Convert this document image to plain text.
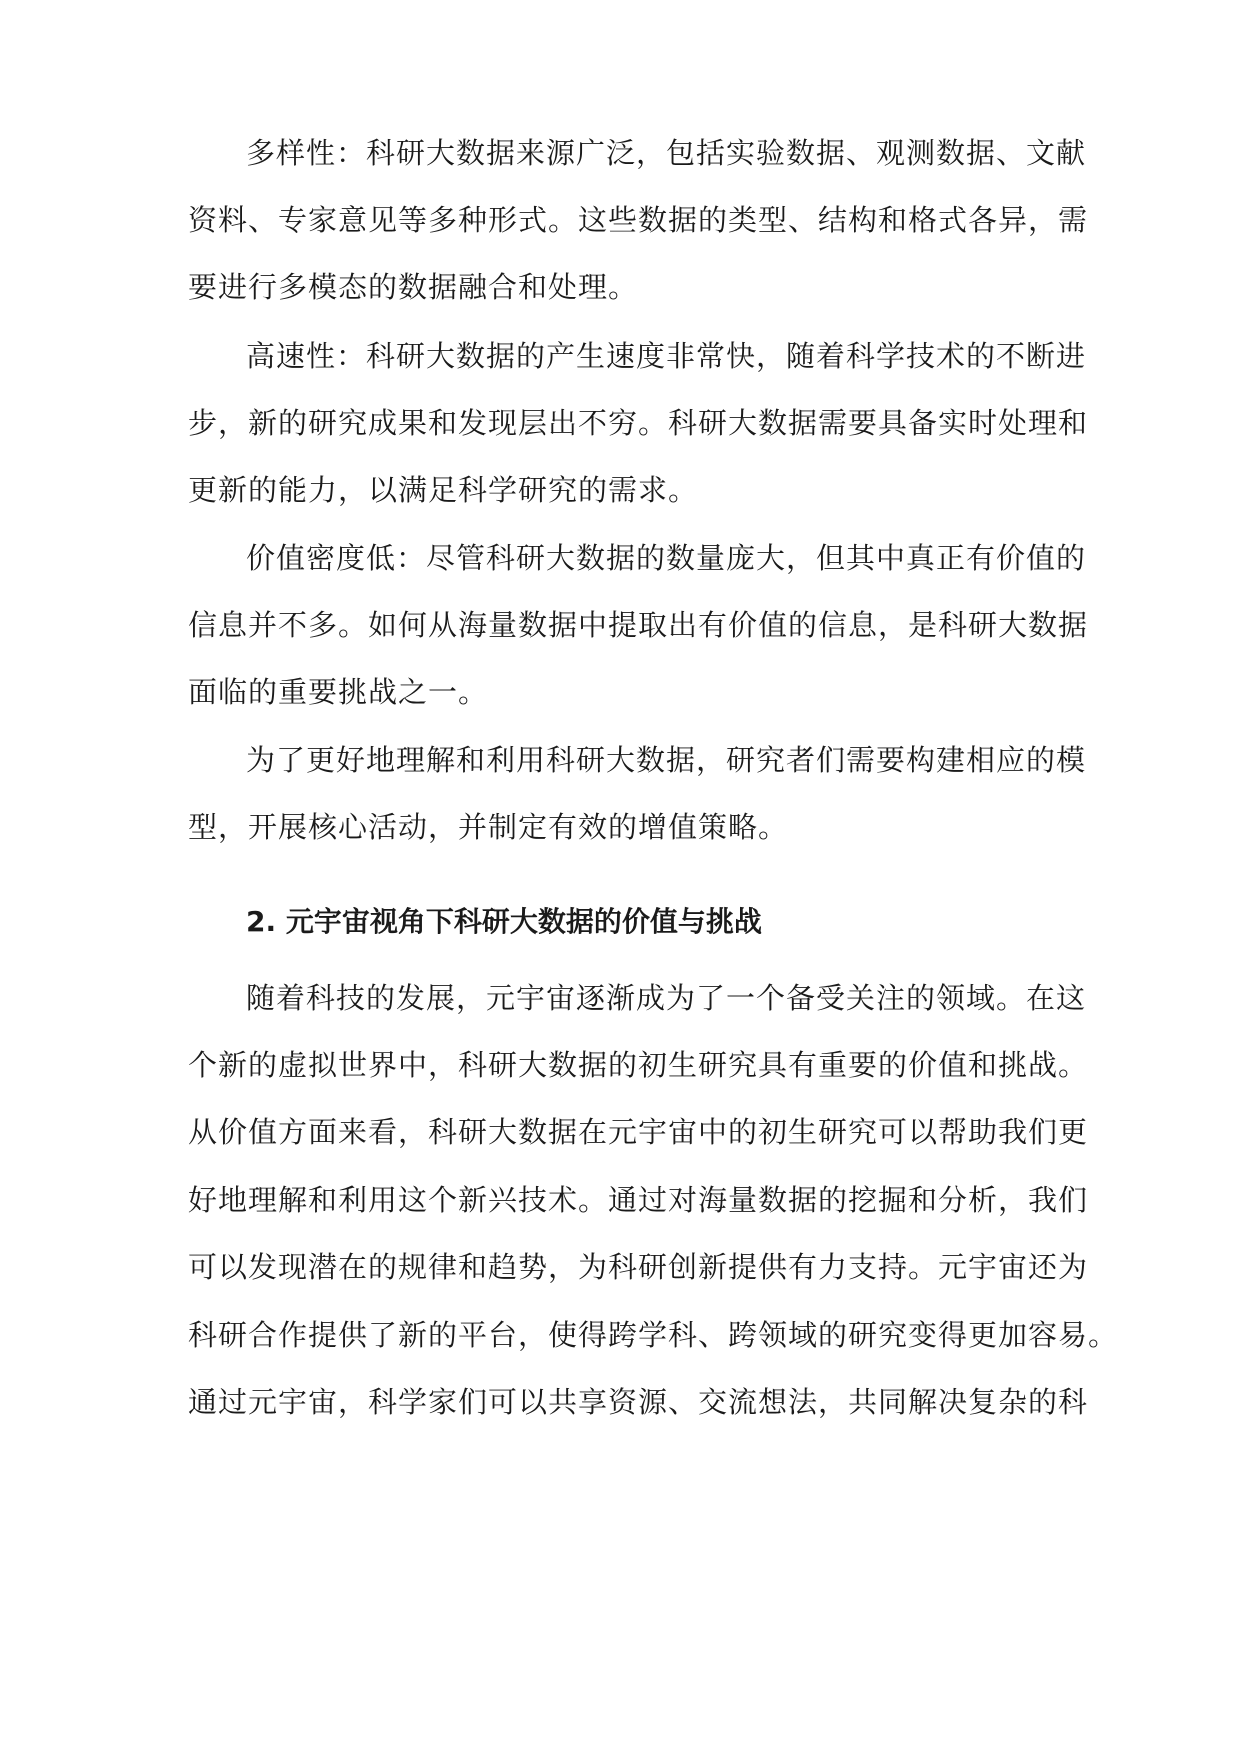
多样性：科研大数据来源广泛，包括实验数据、观测数据、文献
资料、专家意见等多种形式。这些数据的类型、结构和格式各异，需
要进行多模态的数据融合和处理。
高速性：科研大数据的产生速度非常快，随着科学技术的不断进
步，新的研究成果和发现层出不穷。科研大数据需要具备实时处理和
更新的能力，以满足科学研究的需求。
价值密度低：尽管科研大数据的数量庞大，但其中真正有价值的
信息并不多。如何从海量数据中提取出有价值的信息，是科研大数据
面临的重要挑战之一。
为了更好地理解和利用科研大数据，研究者们需要构建相应的模
型，开展核心活动，并制定有效的增值策略。
2. 元宇宙视角下科研大数据的价值与挑战
随着科技的发展，元宇宙逐渐成为了一个备受关注的领域。在这
个新的虚拟世界中，科研大数据的初生研究具有重要的价值和挑战。
从价值方面来看，科研大数据在元宇宙中的初生研究可以帮助我们更
好地理解和利用这个新兴技术。通过对海量数据的挖掘和分析，我们
可以发现潜在的规律和趋势，为科研创新提供有力支持。元宇宙还为
科研合作提供了新的平台，使得跨学科、跨领域的研究变得更加容易。
通过元宇宙，科学家们可以共享资源、交流想法，共同解决复杂的科
